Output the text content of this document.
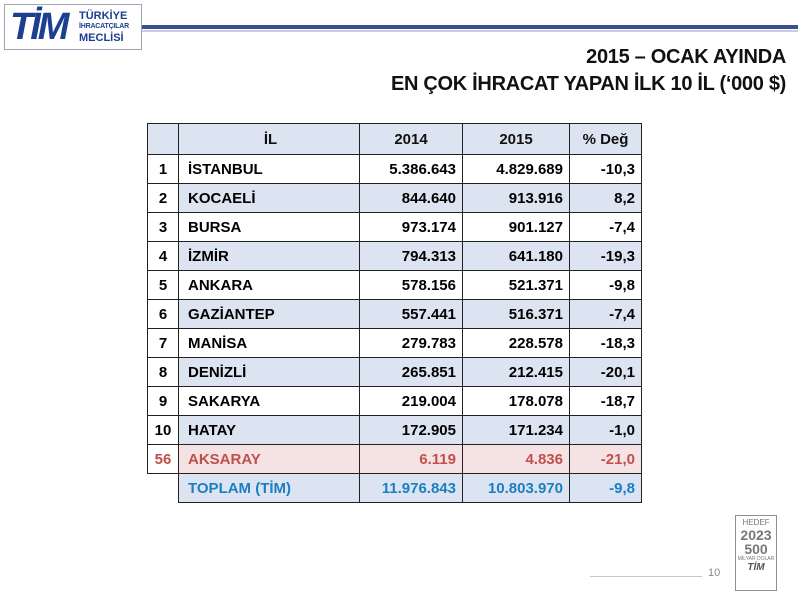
TİM TÜRKİYE
İHRACATÇILAR
MECLİSİ
2015 – OCAK AYINDA
EN ÇOK İHRACAT YAPAN İLK 10 İL (‘000 $)
	İL	2014	2015	% Değ
1	İSTANBUL	5.386.643	4.829.689	-10,3
2	KOCAELİ	844.640	913.916	8,2
3	BURSA	973.174	901.127	-7,4
4	İZMİR	794.313	641.180	-19,3
5	ANKARA	578.156	521.371	-9,8
6	GAZİANTEP	557.441	516.371	-7,4
7	MANİSA	279.783	228.578	-18,3
8	DENİZLİ	265.851	212.415	-20,1
9	SAKARYA	219.004	178.078	-18,7
10	HATAY	172.905	171.234	-1,0
56	AKSARAY	6.119	4.836	-21,0
	TOPLAM (TİM)	11.976.843	10.803.970	-9,8
10
HEDEF
2023
500
MİLYAR DOLAR
TİM
